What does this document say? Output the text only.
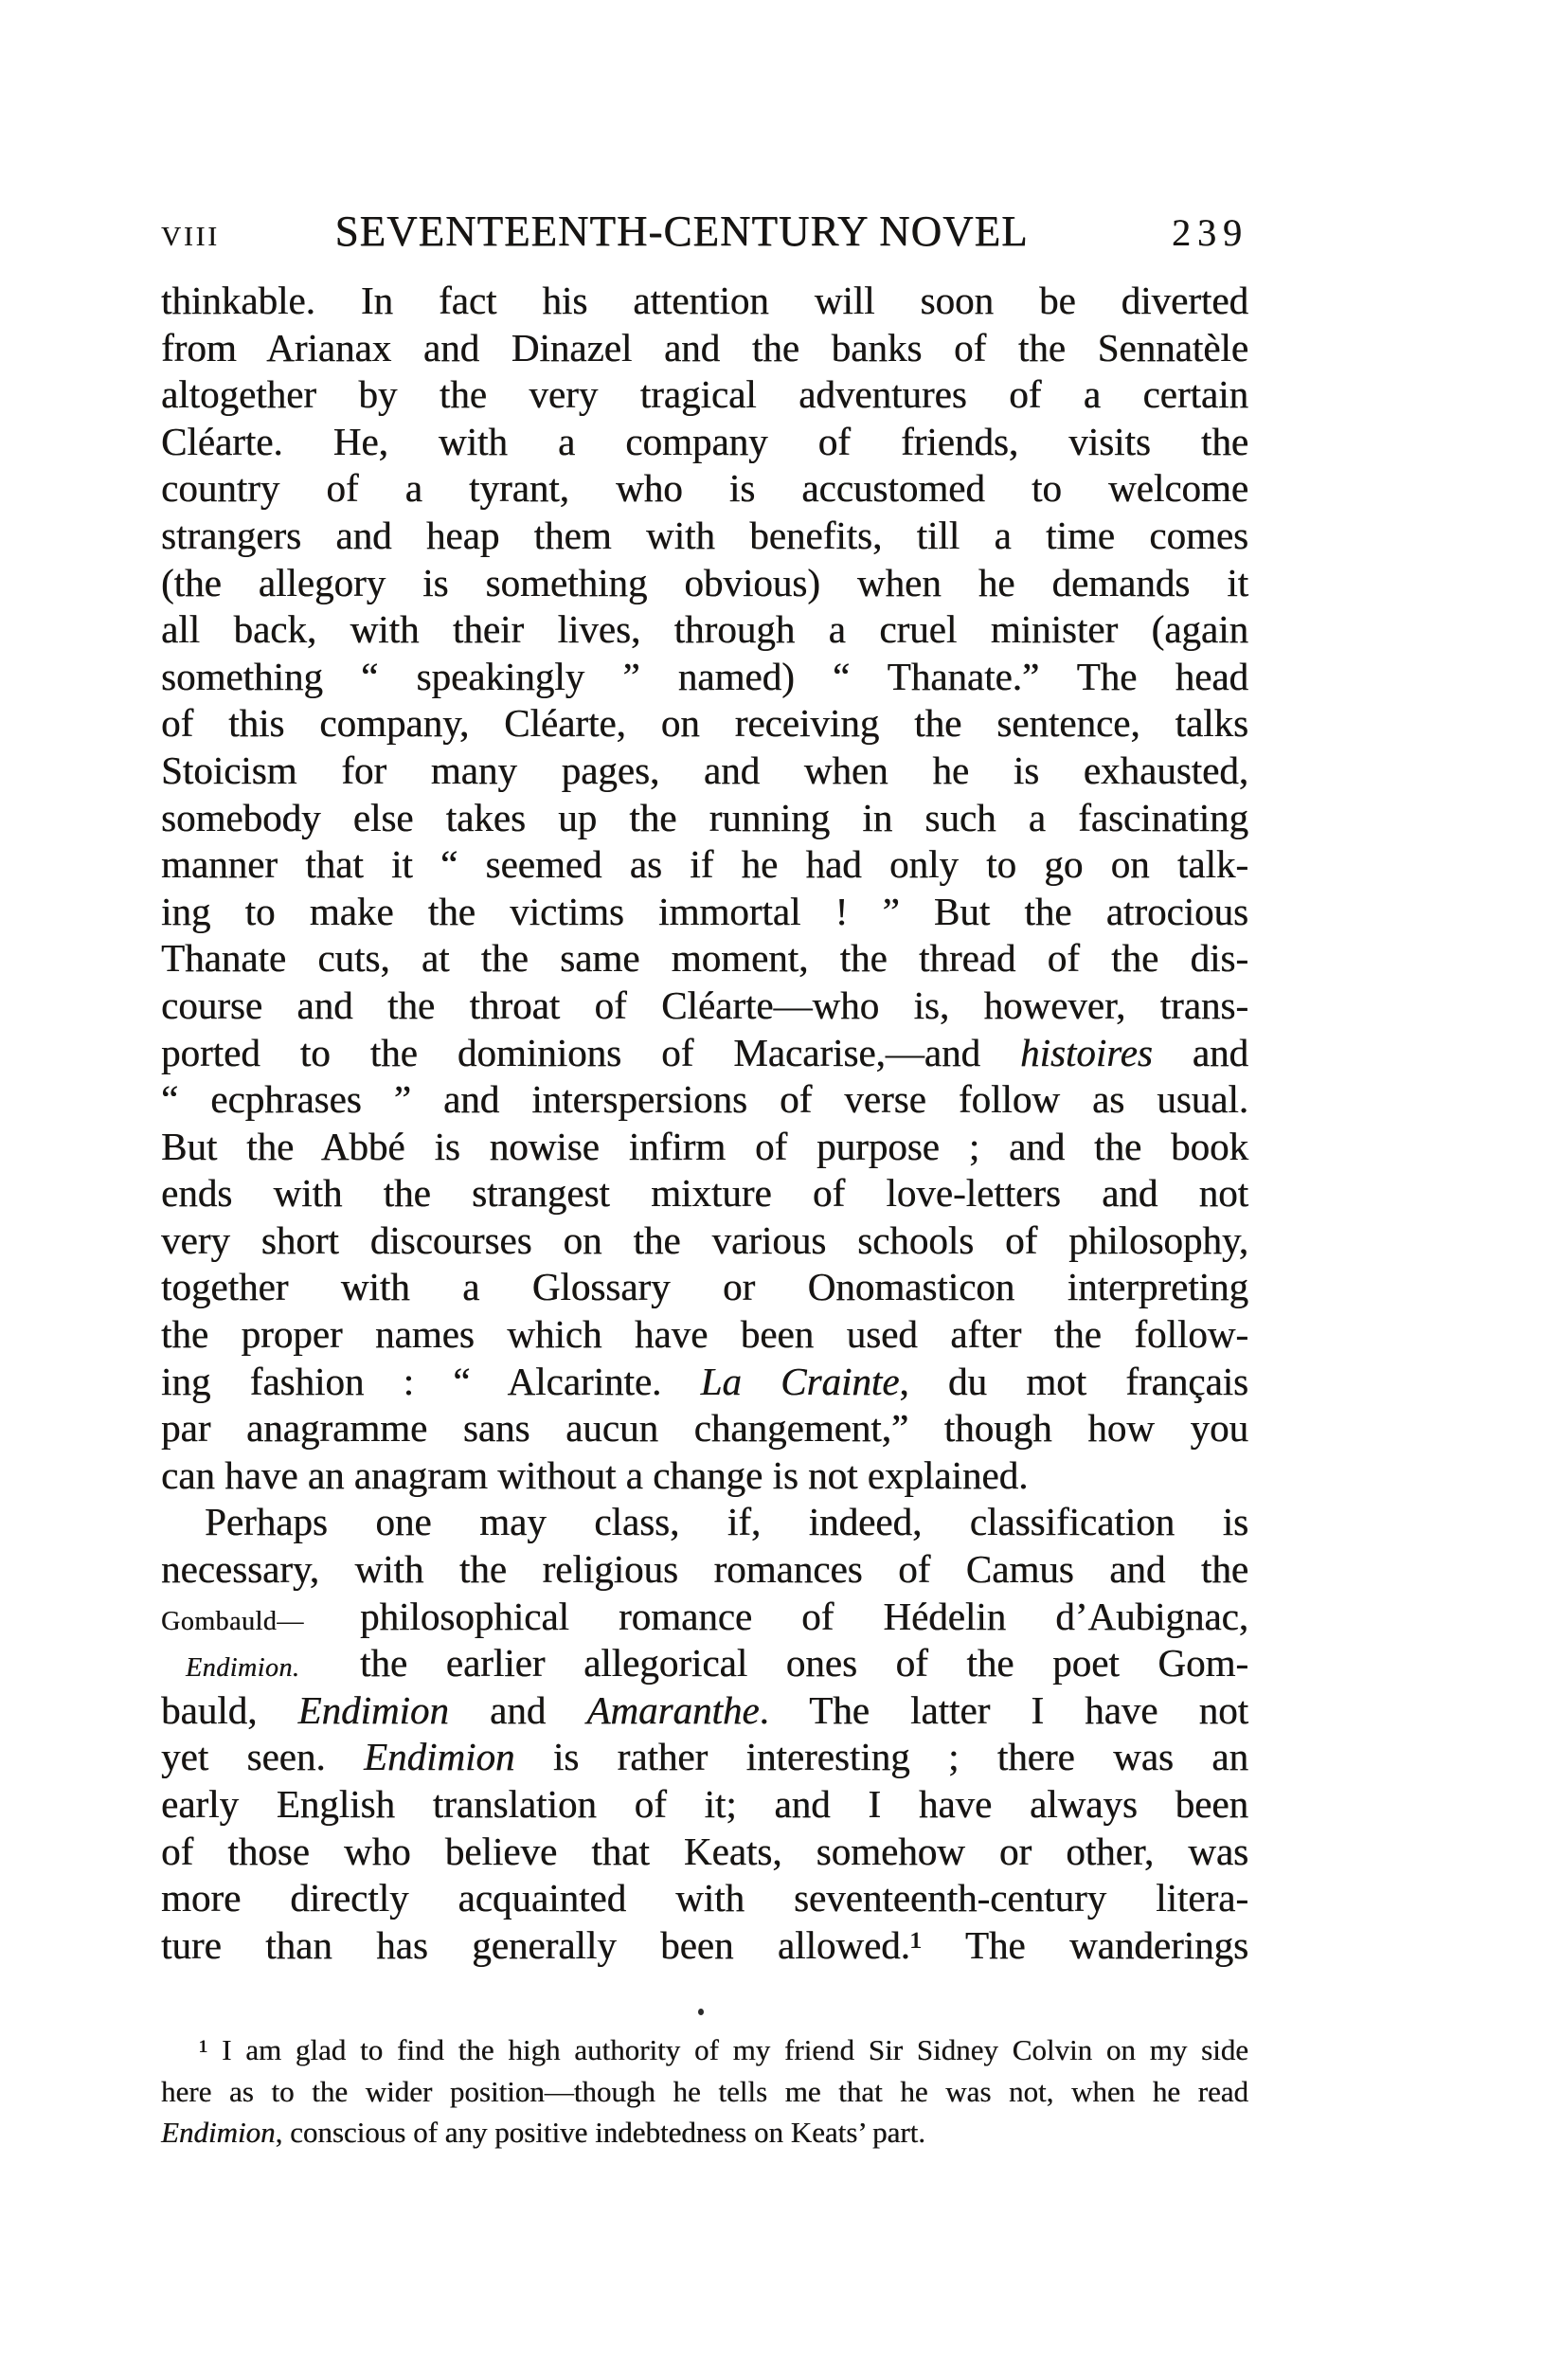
VIII	SEVENTEENTH-CENTURY NOVEL	239
thinkable. In fact his attention will soon be diverted
from Arianax and Dinazel and the banks of the Sennatèle
altogether by the very tragical adventures of a certain
Cléarte. He, with a company of friends, visits the
country of a tyrant, who is accustomed to welcome
strangers and heap them with benefits, till a time comes
(the allegory is something obvious) when he demands it
all back, with their lives, through a cruel minister (again
something “ speakingly ” named) “ Thanate.” The head
of this company, Cléarte, on receiving the sentence, talks
Stoicism for many pages, and when he is exhausted,
somebody else takes up the running in such a fascinating
manner that it “ seemed as if he had only to go on talk-
ing to make the victims immortal ! ” But the atrocious
Thanate cuts, at the same moment, the thread of the dis-
course and the throat of Cléarte—who is, however, trans-
ported to the dominions of Macarise,—and histoires and
“ ecphrases ” and interspersions of verse follow as usual.
But the Abbé is nowise infirm of purpose ; and the book
ends with the strangest mixture of love-letters and not
very short discourses on the various schools of philosophy,
together with a Glossary or Onomasticon interpreting
the proper names which have been used after the follow-
ing fashion : “ Alcarinte. La Crainte, du mot français
par anagramme sans aucun changement,” though how you
can have an anagram without a change is not explained.
Perhaps one may class, if, indeed, classification is
necessary, with the religious romances of Camus and the
Gombauld—	philosophical romance of Hédelin d’Aubignac,
Endimion.	the earlier allegorical ones of the poet Gom-
bauld, Endimion and Amaranthe. The latter I have not
yet seen. Endimion is rather interesting ; there was an
early English translation of it; and I have always been
of those who believe that Keats, somehow or other, was
more directly acquainted with seventeenth-century litera-
ture than has generally been allowed.¹ The wanderings
¹ I am glad to find the high authority of my friend Sir Sidney Colvin on my side
here as to the wider position—though he tells me that he was not, when he read
Endimion, conscious of any positive indebtedness on Keats’ part.
